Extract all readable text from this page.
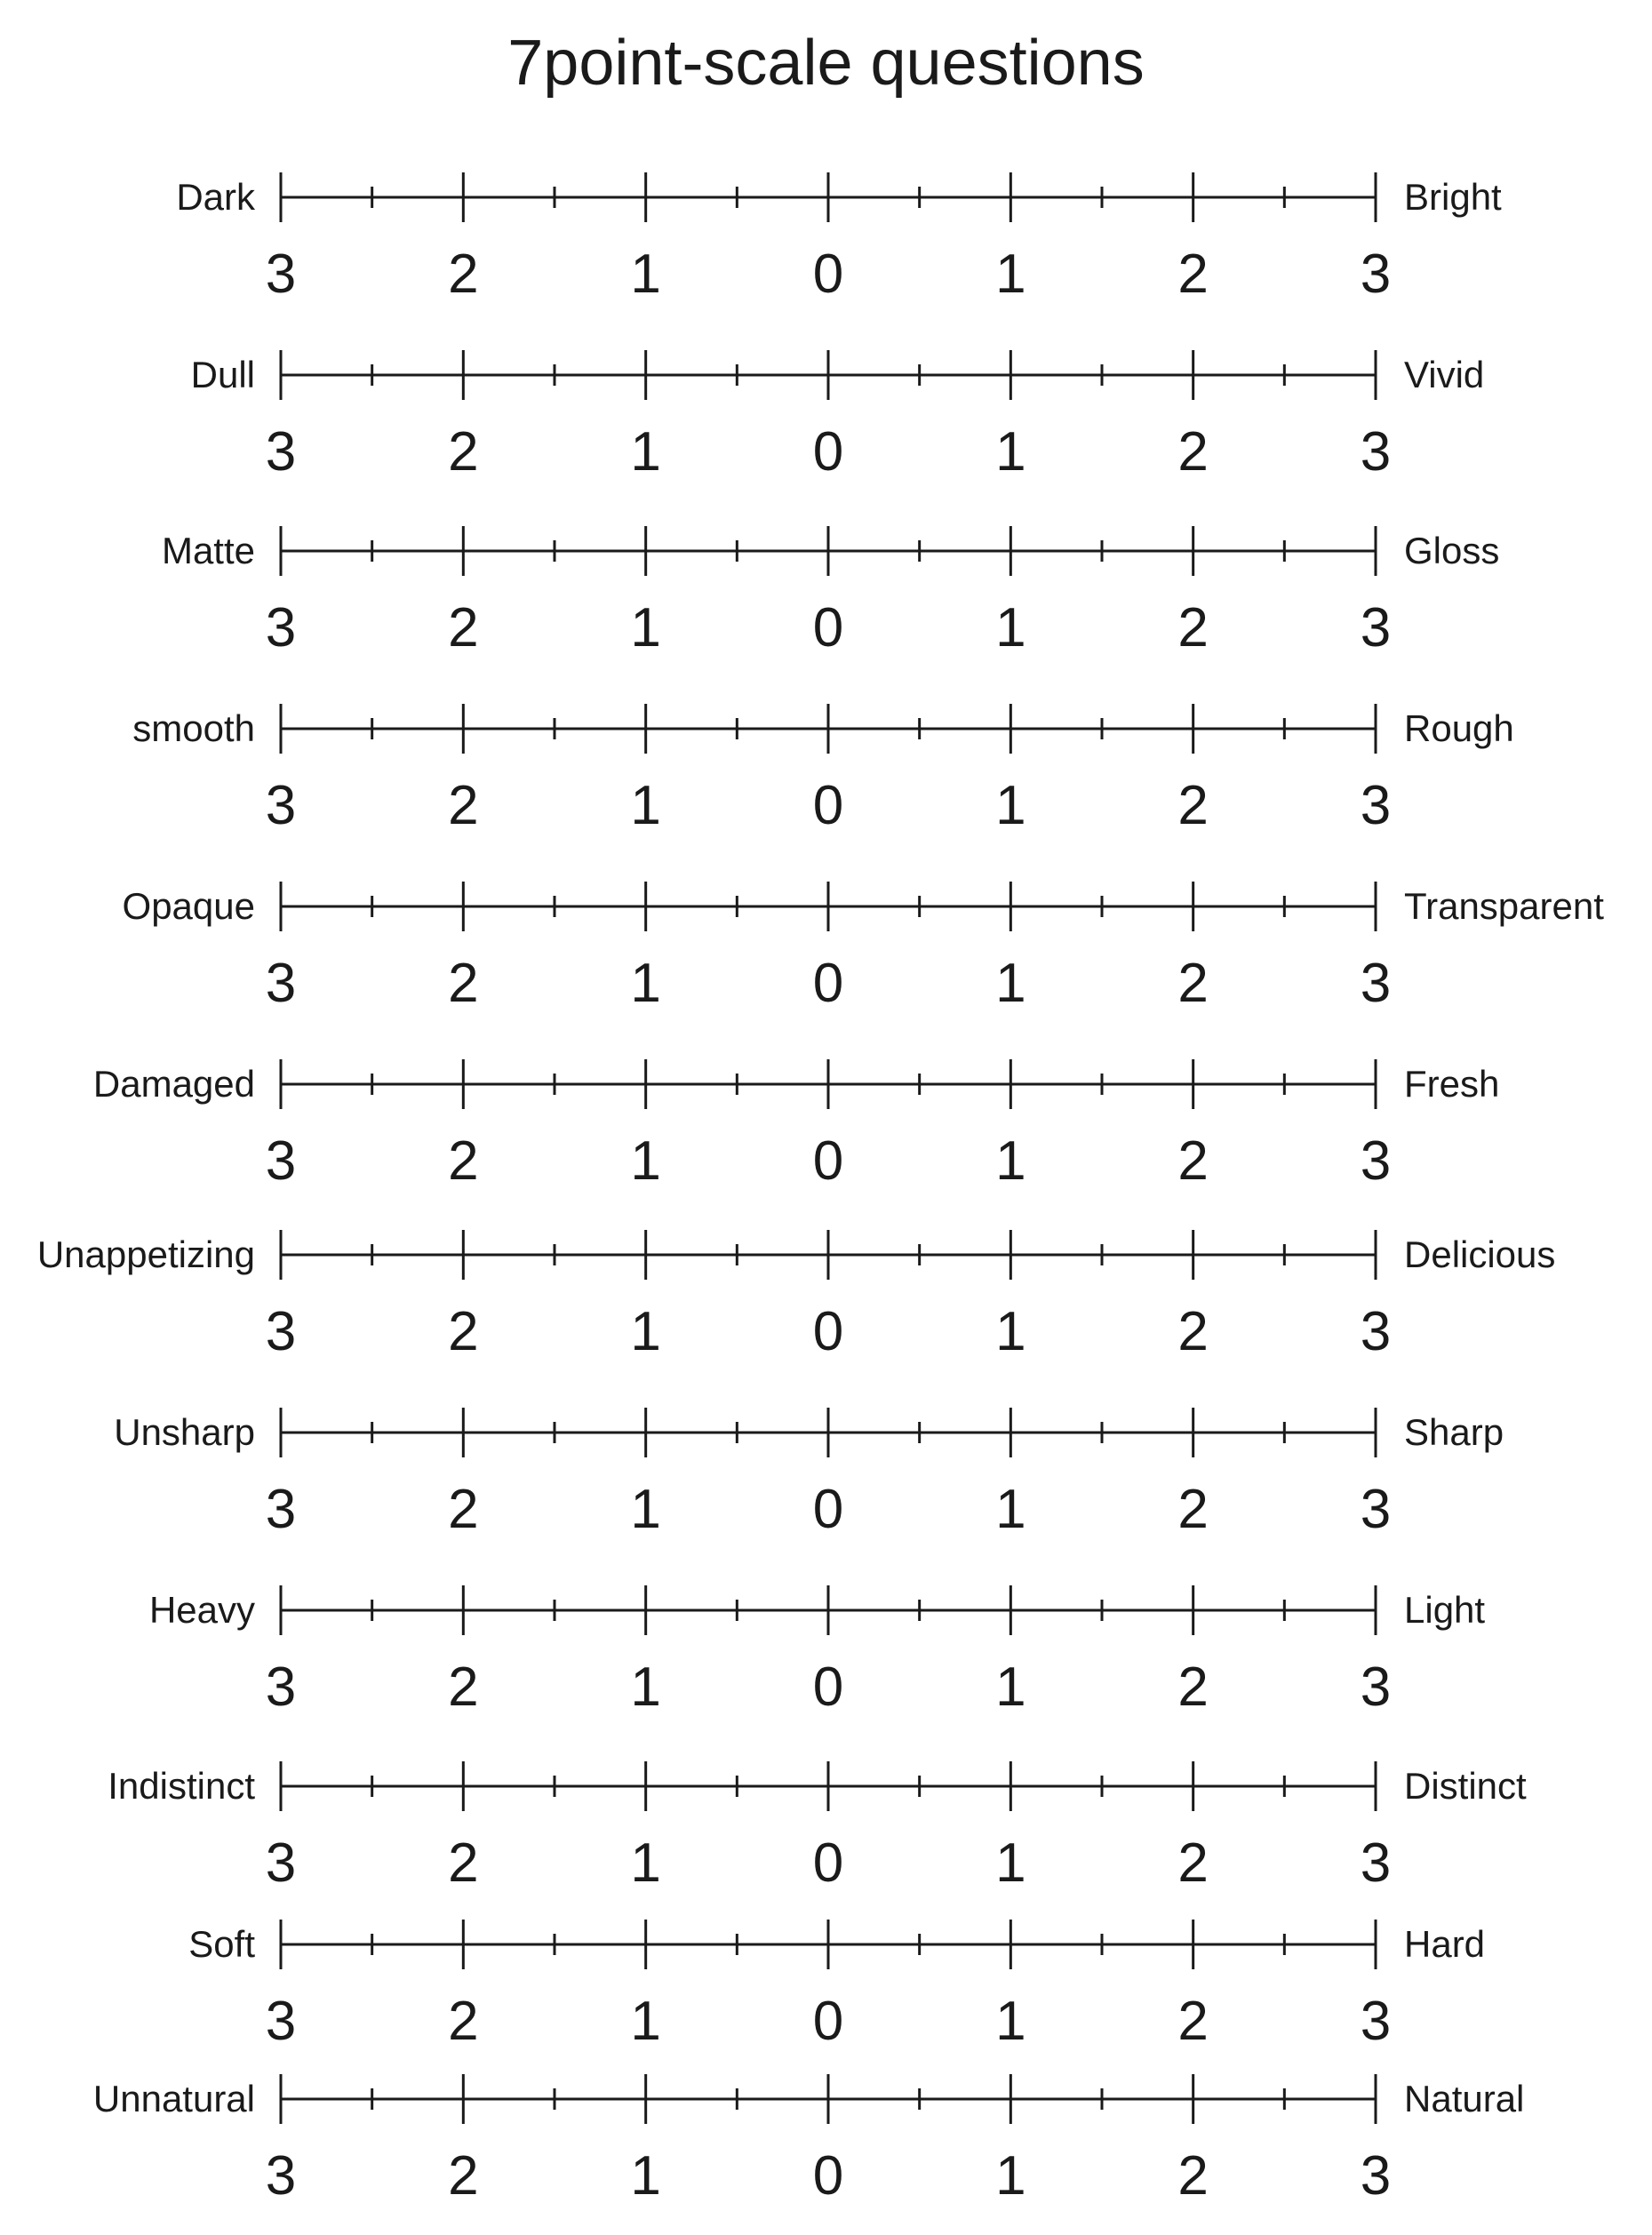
7point-scale questions
Dark	Bright
3	2	1	0	1	2	3
Dull	Vivid
3	2	1	0	1	2	3
Matte	Gloss
3	2	1	0	1	2	3
smooth	Rough
3	2	1	0	1	2	3
Opaque	Transparent
3	2	1	0	1	2	3
Damaged	Fresh
3	2	1	0	1	2	3
Unappetizing	Delicious
3	2	1	0	1	2	3
Unsharp	Sharp
3	2	1	0	1	2	3
Heavy	Light
3	2	1	0	1	2	3
Indistinct	Distinct
3	2	1	0	1	2	3
Soft	Hard
3	2	1	0	1	2	3
Unnatural	Natural
3	2	1	0	1	2	3
